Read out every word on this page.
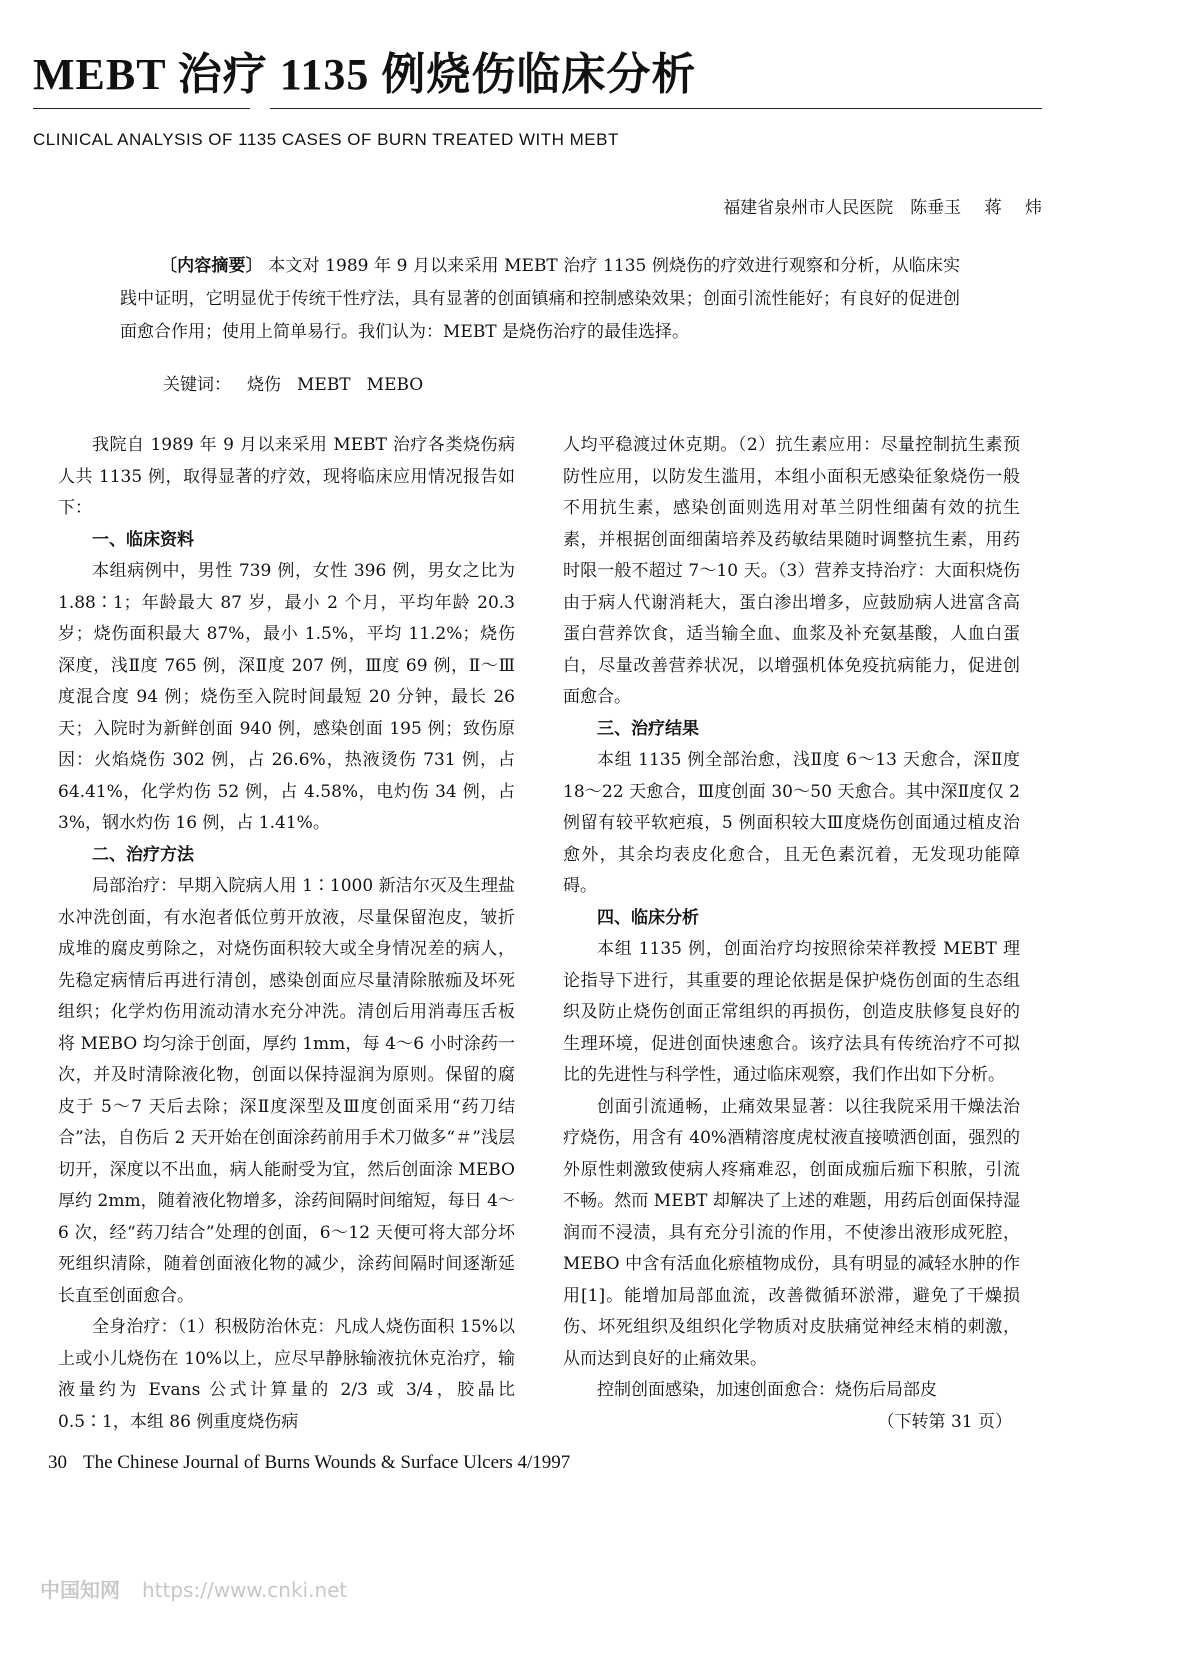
MEBT 治疗 1135 例烧伤临床分析
CLINICAL ANALYSIS OF 1135 CASES OF BURN TREATED WITH MEBT
福建省泉州市人民医院　陈垂玉 蒋 炜
〔内容摘要〕 本文对 1989 年 9 月以来采用 MEBT 治疗 1135 例烧伤的疗效进行观察和分析，从临床实践中证明，它明显优于传统干性疗法，具有显著的创面镇痛和控制感染效果；创面引流性能好；有良好的促进创面愈合作用；使用上简单易行。我们认为：MEBT 是烧伤治疗的最佳选择。
关键词： 烧伤 MEBT MEBO

我院自 1989 年 9 月以来采用 MEBT 治疗各类烧伤病人共 1135 例，取得显著的疗效，现将临床应用情况报告如下：

一、临床资料

本组病例中，男性 739 例，女性 396 例，男女之比为 1.88∶1；年龄最大 87 岁，最小 2 个月，平均年龄 20.3 岁；烧伤面积最大 87%，最小 1.5%，平均 11.2%；烧伤深度，浅Ⅱ度 765 例，深Ⅱ度 207 例，Ⅲ度 69 例，Ⅱ～Ⅲ度混合度 94 例；烧伤至入院时间最短 20 分钟，最长 26 天；入院时为新鲜创面 940 例，感染创面 195 例；致伤原因：火焰烧伤 302 例，占 26.6%，热液烫伤 731 例，占 64.41%，化学灼伤 52 例，占 4.58%，电灼伤 34 例，占 3%，钢水灼伤 16 例，占 1.41%。

二、治疗方法

局部治疗：早期入院病人用 1∶1000 新洁尔灭及生理盐水冲洗创面，有水泡者低位剪开放液，尽量保留泡皮，皱折成堆的腐皮剪除之，对烧伤面积较大或全身情况差的病人，先稳定病情后再进行清创，感染创面应尽量清除脓痂及坏死组织；化学灼伤用流动清水充分冲洗。清创后用消毒压舌板将 MEBO 均匀涂于创面，厚约 1mm，每 4～6 小时涂药一次，并及时清除液化物，创面以保持湿润为原则。保留的腐皮于 5～7 天后去除；深Ⅱ度深型及Ⅲ度创面采用“药刀结合”法，自伤后 2 天开始在创面涂药前用手术刀做多“＃”浅层切开，深度以不出血，病人能耐受为宜，然后创面涂 MEBO 厚约 2mm，随着液化物增多，涂药间隔时间缩短，每日 4～6 次，经“药刀结合”处理的创面，6～12 天便可将大部分坏死组织清除，随着创面液化物的减少，涂药间隔时间逐渐延长直至创面愈合。

全身治疗：（1）积极防治休克：凡成人烧伤面积 15%以上或小儿烧伤在 10%以上，应尽早静脉输液抗休克治疗，输液量约为 Evans 公式计算量的 2/3 或 3/4，胶晶比 0.5∶1，本组 86 例重度烧伤病

人均平稳渡过休克期。（2）抗生素应用：尽量控制抗生素预防性应用，以防发生滥用，本组小面积无感染征象烧伤一般不用抗生素，感染创面则选用对革兰阴性细菌有效的抗生素，并根据创面细菌培养及药敏结果随时调整抗生素，用药时限一般不超过 7～10 天。（3）营养支持治疗：大面积烧伤由于病人代谢消耗大，蛋白渗出增多，应鼓励病人进富含高蛋白营养饮食，适当输全血、血浆及补充氨基酸，人血白蛋白，尽量改善营养状况，以增强机体免疫抗病能力，促进创面愈合。

三、治疗结果

本组 1135 例全部治愈，浅Ⅱ度 6～13 天愈合，深Ⅱ度 18～22 天愈合，Ⅲ度创面 30～50 天愈合。其中深Ⅱ度仅 2 例留有较平软疤痕，5 例面积较大Ⅲ度烧伤创面通过植皮治愈外，其余均表皮化愈合，且无色素沉着，无发现功能障碍。

四、临床分析

本组 1135 例，创面治疗均按照徐荣祥教授 MEBT 理论指导下进行，其重要的理论依据是保护烧伤创面的生态组织及防止烧伤创面正常组织的再损伤，创造皮肤修复良好的生理环境，促进创面快速愈合。该疗法具有传统治疗不可拟比的先进性与科学性，通过临床观察，我们作出如下分析。

创面引流通畅，止痛效果显著：以往我院采用干燥法治疗烧伤，用含有 40%酒精溶度虎杖液直接喷洒创面，强烈的外原性刺激致使病人疼痛难忍，创面成痂后痂下积脓，引流不畅。然而 MEBT 却解决了上述的难题，用药后创面保持湿润而不浸渍，具有充分引流的作用，不使渗出液形成死腔，MEBO 中含有活血化瘀植物成份，具有明显的减轻水肿的作用[1]。能增加局部血流，改善微循环淤滞，避免了干燥损伤、坏死组织及组织化学物质对皮肤痛觉神经末梢的刺激，从而达到良好的止痛效果。

控制创面感染，加速创面愈合：烧伤后局部皮

（下转第 31 页）

30 The Chinese Journal of Burns Wounds & Surface Ulcers 4/1997
中国知网 https://www.cnki.net
